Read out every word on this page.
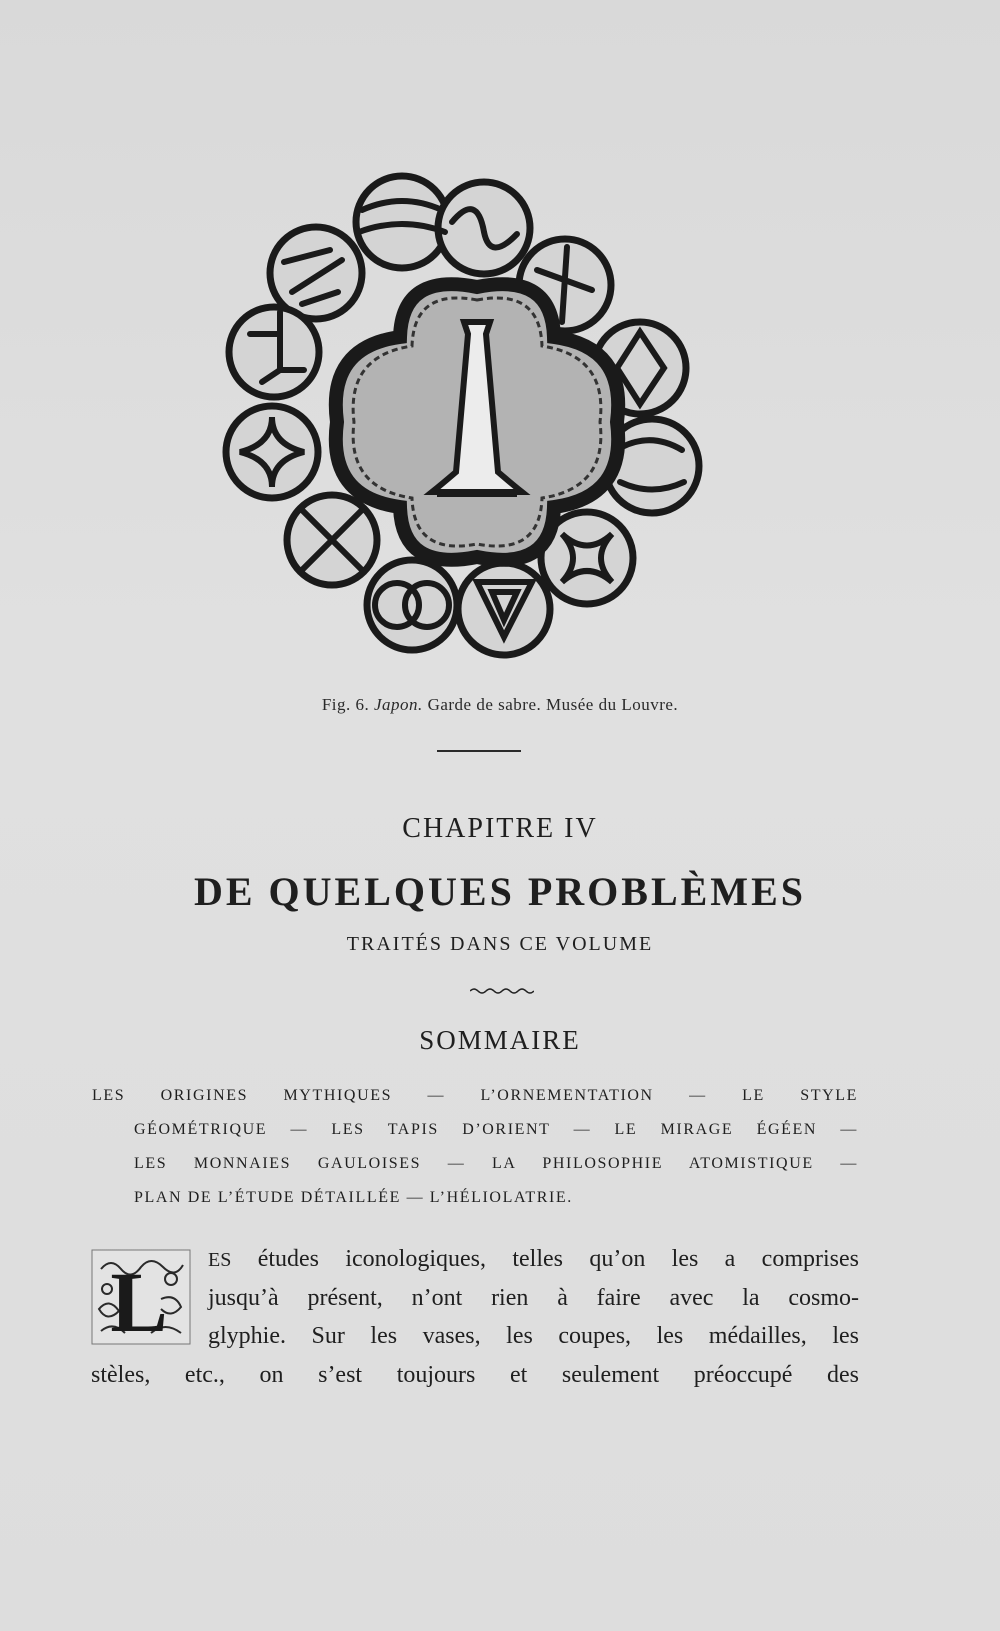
Fig. 6. Japon. Garde de sabre. Musée du Louvre.
CHAPITRE IV
DE QUELQUES PROBLÈMES
TRAITÉS DANS CE VOLUME
SOMMAIRE
LES ORIGINES MYTHIQUES — L’ORNEMENTATION — LE STYLE
GÉOMÉTRIQUE — LES TAPIS D’ORIENT — LE MIRAGE ÉGÉEN —
LES MONNAIES GAULOISES — LA PHILOSOPHIE ATOMISTIQUE —
PLAN DE L’ÉTUDE DÉTAILLÉE — L’HÉLIOLATRIE.
L ES études iconologiques, telles qu’on les a comprises
jusqu’à présent, n’ont rien à faire avec la cosmo-
glyphie. Sur les vases, les coupes, les médailles, les
stèles, etc., on s’est toujours et seulement préoccupé des
